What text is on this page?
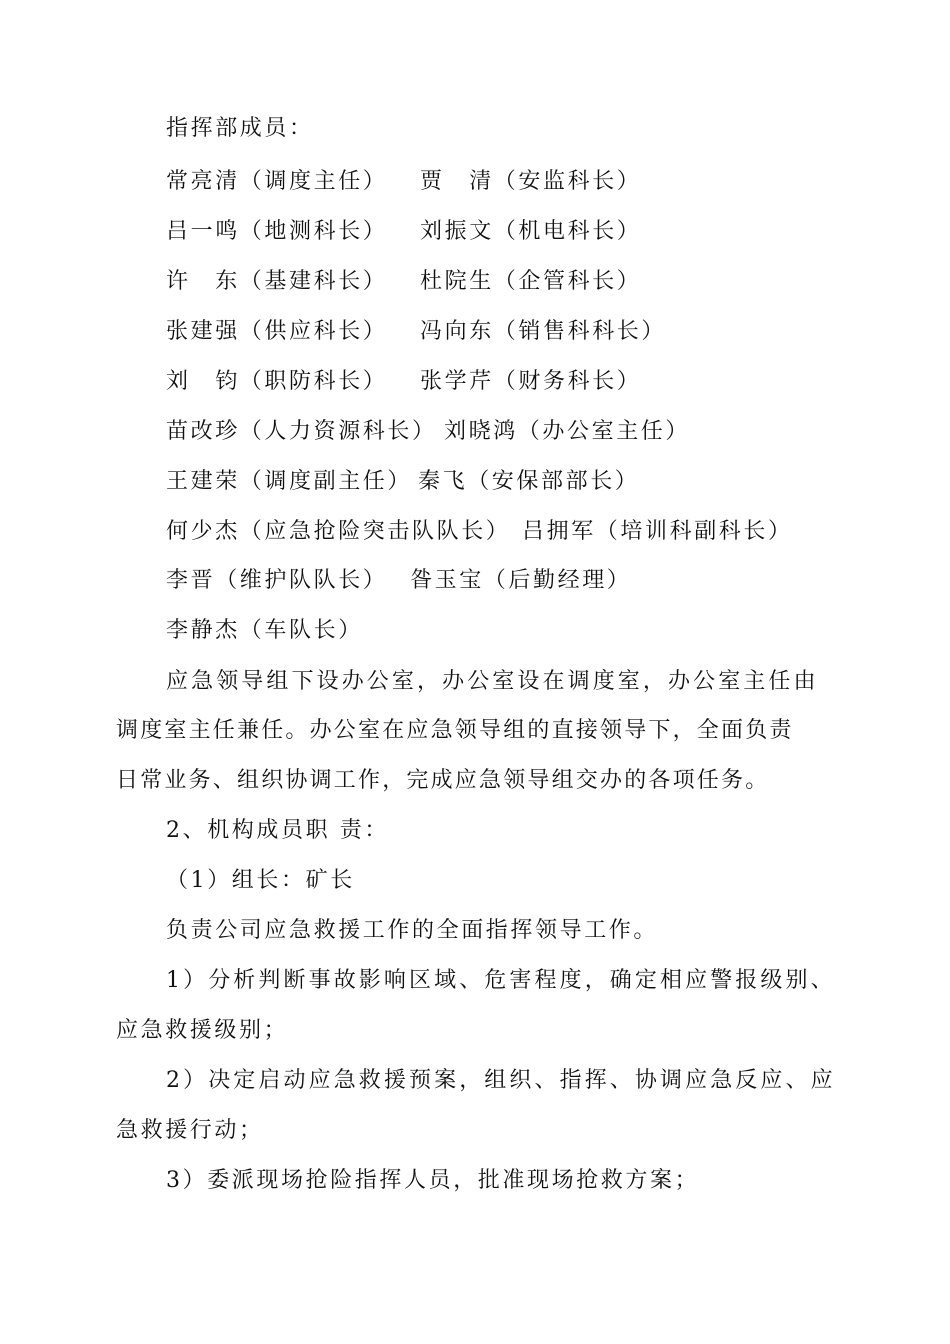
指挥部成员：
常亮清（调度主任） 贾　清（安监科长）
吕一鸣（地测科长） 刘振文（机电科长）
许　东（基建科长） 杜院生（企管科长）
张建强（供应科长） 冯向东（销售科科长）
刘　钧（职防科长） 张学芹（财务科长）
苗改珍（人力资源科长） 刘晓鸿（办公室主任）
王建荣（调度副主任） 秦飞（安保部部长）
何少杰（应急抢险突击队队长） 吕拥军（培训科副科长）
李晋（维护队队长） 昝玉宝（后勤经理）
李静杰（车队长）
应急领导组下设办公室，办公室设在调度室，办公室主任由
调度室主任兼任。办公室在应急领导组的直接领导下，全面负责
日常业务、组织协调工作，完成应急领导组交办的各项任务。
2、机构成员职 责：
（1）组长：矿长
负责公司应急救援工作的全面指挥领导工作。
1）分析判断事故影响区域、危害程度，确定相应警报级别、
应急救援级别；
2）决定启动应急救援预案，组织、指挥、协调应急反应、应
急救援行动；
3）委派现场抢险指挥人员，批准现场抢救方案；
